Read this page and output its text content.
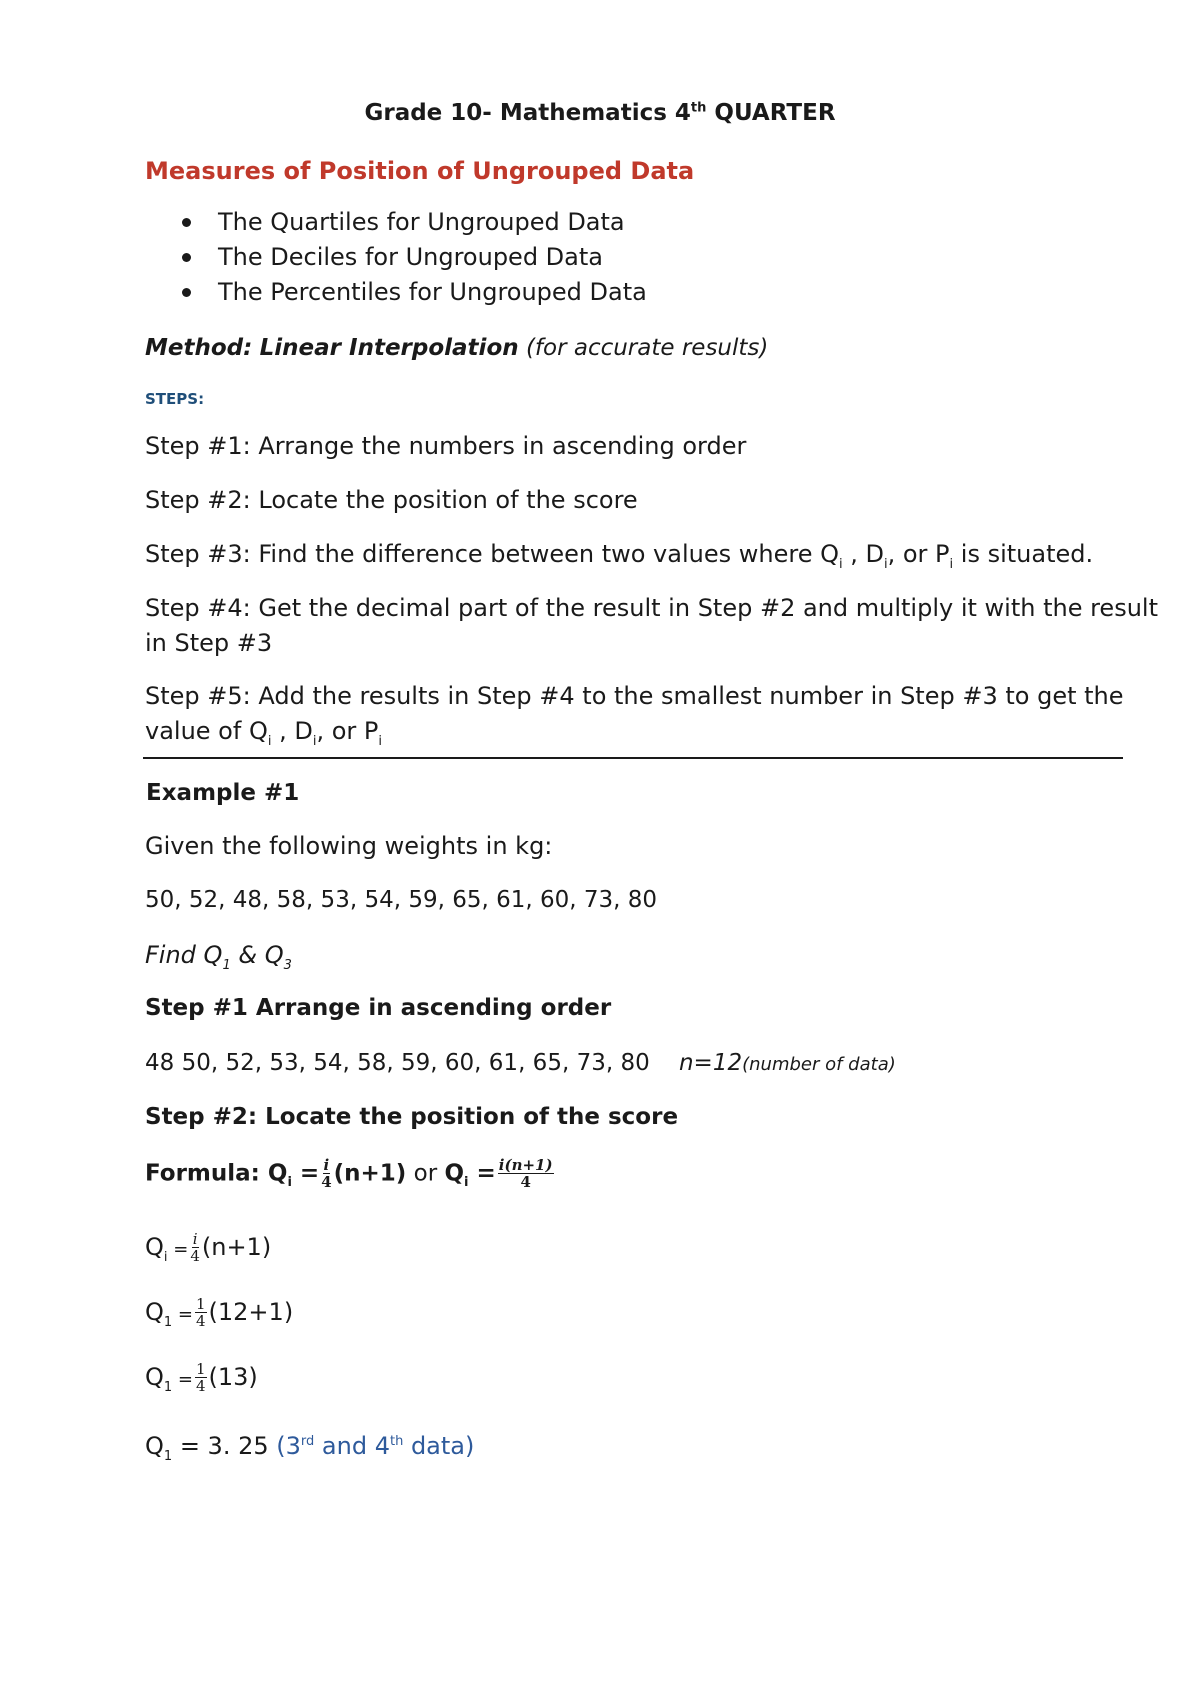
Grade 10- Mathematics 4th QUARTER
Measures of Position of Ungrouped Data
The Quartiles for Ungrouped Data
The Deciles for Ungrouped Data
The Percentiles for Ungrouped Data
Method: Linear Interpolation (for accurate results)
STEPS:
Step #1: Arrange the numbers in ascending order
Step #2: Locate the position of the score
Step #3: Find the difference between two values where $Q_i$ , $D_i$, or $P_i$ is situated.
Step #4: Get the decimal part of the result in Step #2 and multiply it with the result
in Step #3
Step #5: Add the results in Step #4 to the smallest number in Step #3 to get the
value of $Q_i$ , $D_i$, or $P_i$
Example #1
Given the following weights in kg:
50, 52, 48, 58, 53, 54, 59, 65, 61, 60, 73, 80
Find $Q_1$ & $Q_3$
Step #1 Arrange in ascending order
48 50, 52, 53, 54, 58, 59, 60, 61, 65, 73, 80 n=12(number of data)
Step #2: Locate the position of the score
Formula: $Q_i = \frac{i}{4} (n+1)$ or $Q_i = \frac{i(n+1)}{4}$
$Q_i = \frac{i}{4} (n+1)$
$Q_1 = \frac{1}{4} (12+1)$
$Q_1 = \frac{1}{4} (13)$
$Q_1 = 3$. 25 (3rd and 4th data)
